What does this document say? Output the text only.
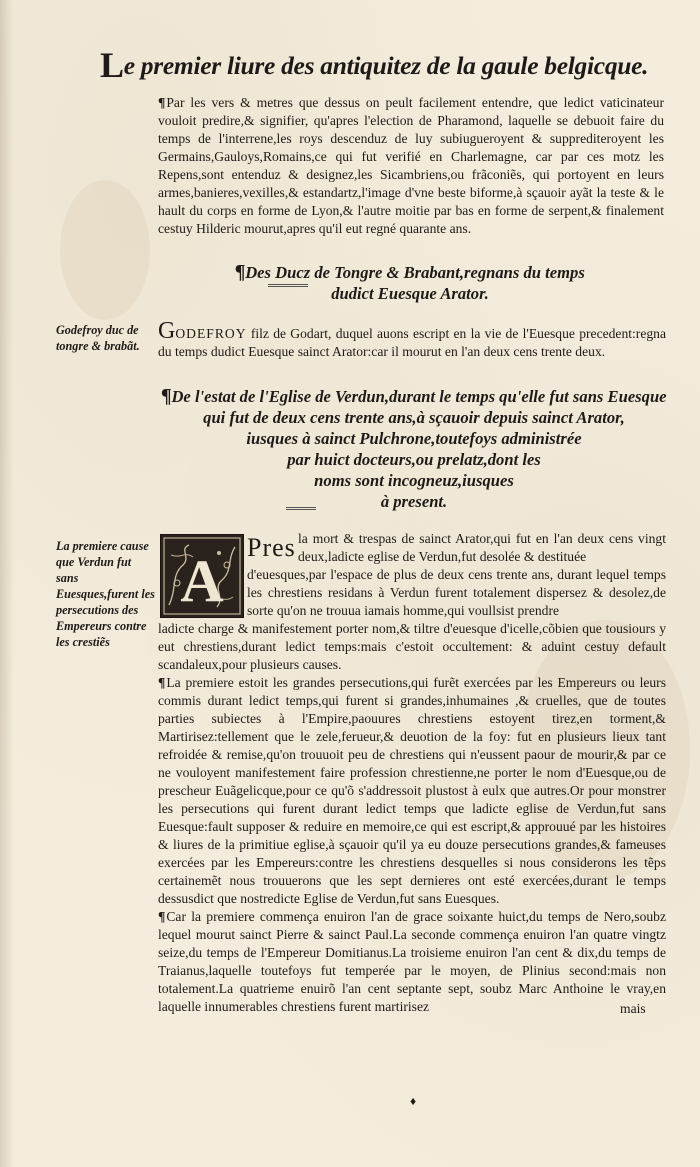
Le premier liure des antiquitez de la gaule belgicque.

¶Par les vers & metres que dessus on peult facilement entendre, que ledict vaticinateur vouloit predire,& signifier, qu'apres l'election de Pharamond, laquelle se debuoit faire du temps de l'interrene,les roys descenduz de luy subiugueroyent & supprediteroyent les Germains,Gauloys,Romains,ce qui fut verifié en Charlemagne, car par ces motz les Repens,sont entenduz & designez,les Sicambriens,ou frãconiẽs, qui portoyent en leurs armes,banieres,vexilles,& estandartz,l'image d'vne beste biforme,à sçauoir ayãt la teste & le hault du corps en forme de Lyon,& l'autre moitie par bas en forme de serpent,& finalement cestuy Hilderic mourut,apres qu'il eut regné quarante ans.

¶Des Ducz de Tongre & Brabant,regnans du temps
dudict Euesque Arator.
Godefroy duc de tongre & brabãt.

GODEFROY filz de Godart, duquel auons escript en la vie de l'Euesque precedent:regna du temps dudict Euesque sainct Arator:car il mourut en l'an deux cens trente deux.

¶De l'estat de l'Eglise de Verdun,durant le temps qu'elle fut sans Euesque
qui fut de deux cens trente ans,à sçauoir depuis sainct Arator,
iusques à sainct Pulchrone,toutefoys administrée
par huict docteurs,ou prelatz,dont les
noms sont incogneuz,iusques
à present.
La premiere cause que Verdun fut sans Euesques,furent les persecutions des Empereurs contre les crestiẽs
A
Pres la mort & trespas de sainct Arator,qui fut en l'an deux cens vingt deux,ladicte eglise de Verdun,fut desolée & destituée

d'euesques,par l'espace de plus de deux cens trente ans, durant lequel temps les chrestiens residans à Verdun furent totalement dispersez & desolez,de sorte qu'on ne trouua iamais homme,qui voullsist prendre

ladicte charge & manifestement porter nom,& tiltre d'euesque d'icelle,cõbien que tousiours y eut chrestiens,durant ledict temps:mais c'estoit occultement: & aduint cestuy default scandaleux,pour plusieurs causes.

¶La premiere estoit les grandes persecutions,qui furẽt exercées par les Empereurs ou leurs commis durant ledict temps,qui furent si grandes,inhumaines ,& cruelles, que de toutes parties subiectes à l'Empire,paouures chrestiens estoyent tirez,en torment,& Martirisez:tellement que le zele,ferueur,& deuotion de la foy: fut en plusieurs lieux tant refroidée & remise,qu'on trouuoit peu de chrestiens qui n'eussent paour de mourir,& par ce ne vouloyent manifestement faire profession chrestienne,ne porter le nom d'Euesque,ou de prescheur Euãgelicque,pour ce qu'õ s'addressoit plustost à eulx que autres.Or pour monstrer les persecutions qui furent durant ledict temps que ladicte eglise de Verdun,fut sans Euesque:fault supposer & reduire en memoire,ce qui est escript,& approuué par les histoires & liures de la primitiue eglise,à sçauoir qu'il ya eu douze persecutions grandes,& fameuses exercées par les Empereurs:contre les chrestiens desquelles si nous considerons les tẽps certainemẽt nous trouuerons que les sept dernieres ont esté exercées,durant le temps dessusdict que nostredicte Eglise de Verdun,fut sans Euesques.

¶Car la premiere commença enuiron l'an de grace soixante huict,du temps de Nero,soubz lequel mourut sainct Pierre & sainct Paul.La seconde commença enuiron l'an quatre vingtz seize,du temps de l'Empereur Domitianus.La troisieme enuiron l'an cent & dix,du temps de Traianus,laquelle toutefoys fut temperée par le moyen, de Plinius second:mais non totalement.La quatrieme enuirõ l'an cent septante sept, soubz Marc Anthoine le vray,en laquelle innumerables chrestiens furent martirisez	mais
♦
